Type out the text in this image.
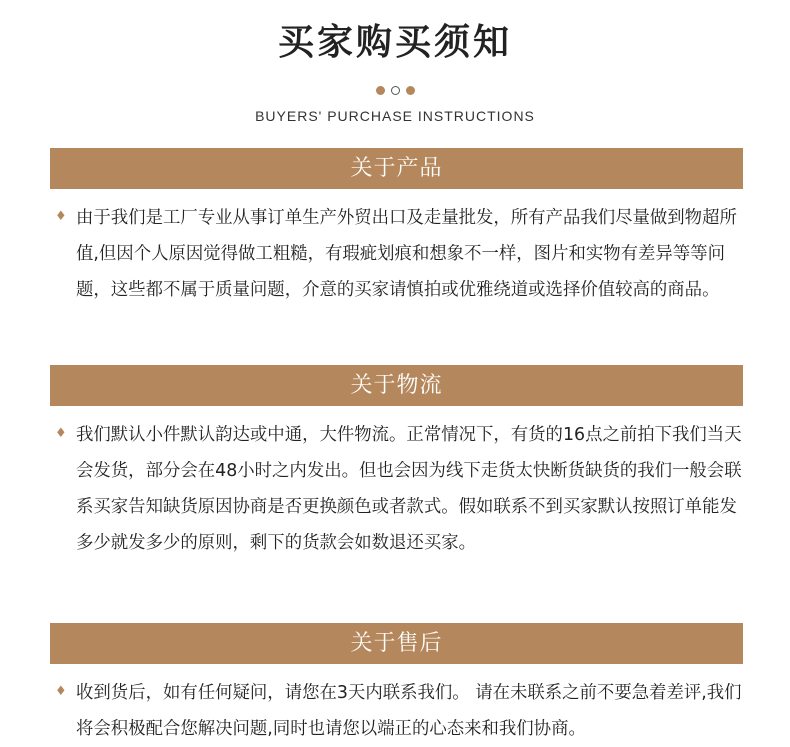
买家购买须知
BUYERS' PURCHASE INSTRUCTIONS
关于产品
♦ 由于我们是工厂专业从事订单生产外贸出口及走量批发，所有产品我们尽量做到物超所值,但因个人原因觉得做工粗糙，有瑕疵划痕和想象不一样，图片和实物有差异等等问题，这些都不属于质量问题，介意的买家请慎拍或优雅绕道或选择价值较高的商品。
关于物流
♦ 我们默认小件默认韵达或中通，大件物流。正常情况下，有货的16点之前拍下我们当天会发货，部分会在48小时之内发出。但也会因为线下走货太快断货缺货的我们一般会联系买家告知缺货原因协商是否更换颜色或者款式。假如联系不到买家默认按照订单能发多少就发多少的原则，剩下的货款会如数退还买家。
关于售后
♦ 收到货后，如有任何疑问，请您在3天内联系我们。 请在未联系之前不要急着差评,我们将会积极配合您解决问题,同时也请您以端正的心态来和我们协商。
